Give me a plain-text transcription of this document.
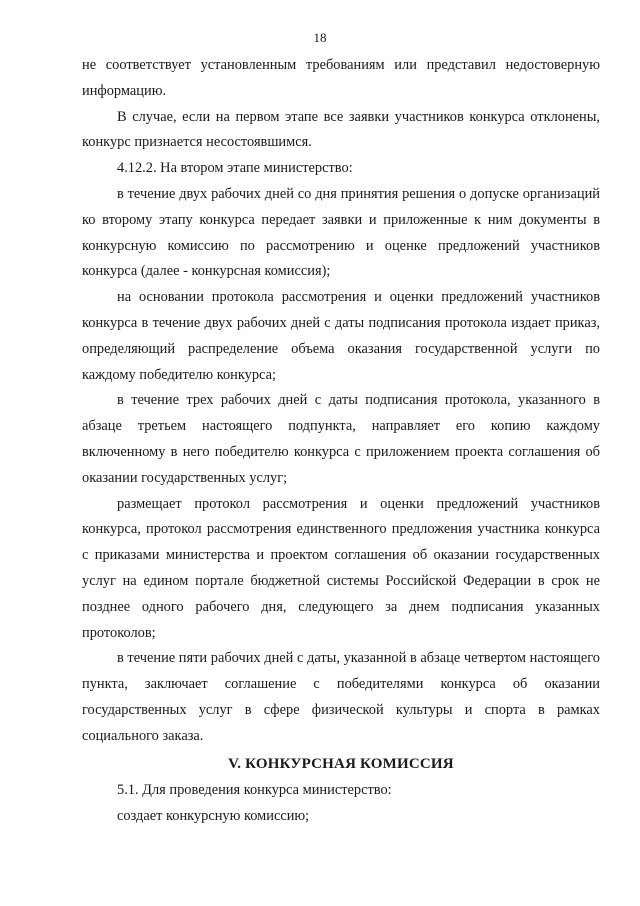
18

не соответствует установленным требованиям или представил недостоверную информацию.

В случае, если на первом этапе все заявки участников конкурса отклонены, конкурс признается несостоявшимся.

4.12.2. На втором этапе министерство:

в течение двух рабочих дней со дня принятия решения о допуске организаций ко второму этапу конкурса передает заявки и приложенные к ним документы в конкурсную комиссию по рассмотрению и оценке предложений участников конкурса (далее - конкурсная комиссия);

на основании протокола рассмотрения и оценки предложений участников конкурса в течение двух рабочих дней с даты подписания протокола издает приказ, определяющий распределение объема оказания государственной услуги по каждому победителю конкурса;

в течение трех рабочих дней с даты подписания протокола, указанного в абзаце третьем настоящего подпункта, направляет его копию каждому включенному в него победителю конкурса с приложением проекта соглашения об оказании государственных услуг;

размещает протокол рассмотрения и оценки предложений участников конкурса, протокол рассмотрения единственного предложения участника конкурса с приказами министерства и проектом соглашения об оказании государственных услуг на едином портале бюджетной системы Российской Федерации в срок не позднее одного рабочего дня, следующего за днем подписания указанных протоколов;

в течение пяти рабочих дней с даты, указанной в абзаце четвертом настоящего пункта, заключает соглашение с победителями конкурса об оказании государственных услуг в сфере физической культуры и спорта в рамках социального заказа.

V. КОНКУРСНАЯ КОМИССИЯ

5.1. Для проведения конкурса министерство:

создает конкурсную комиссию;
